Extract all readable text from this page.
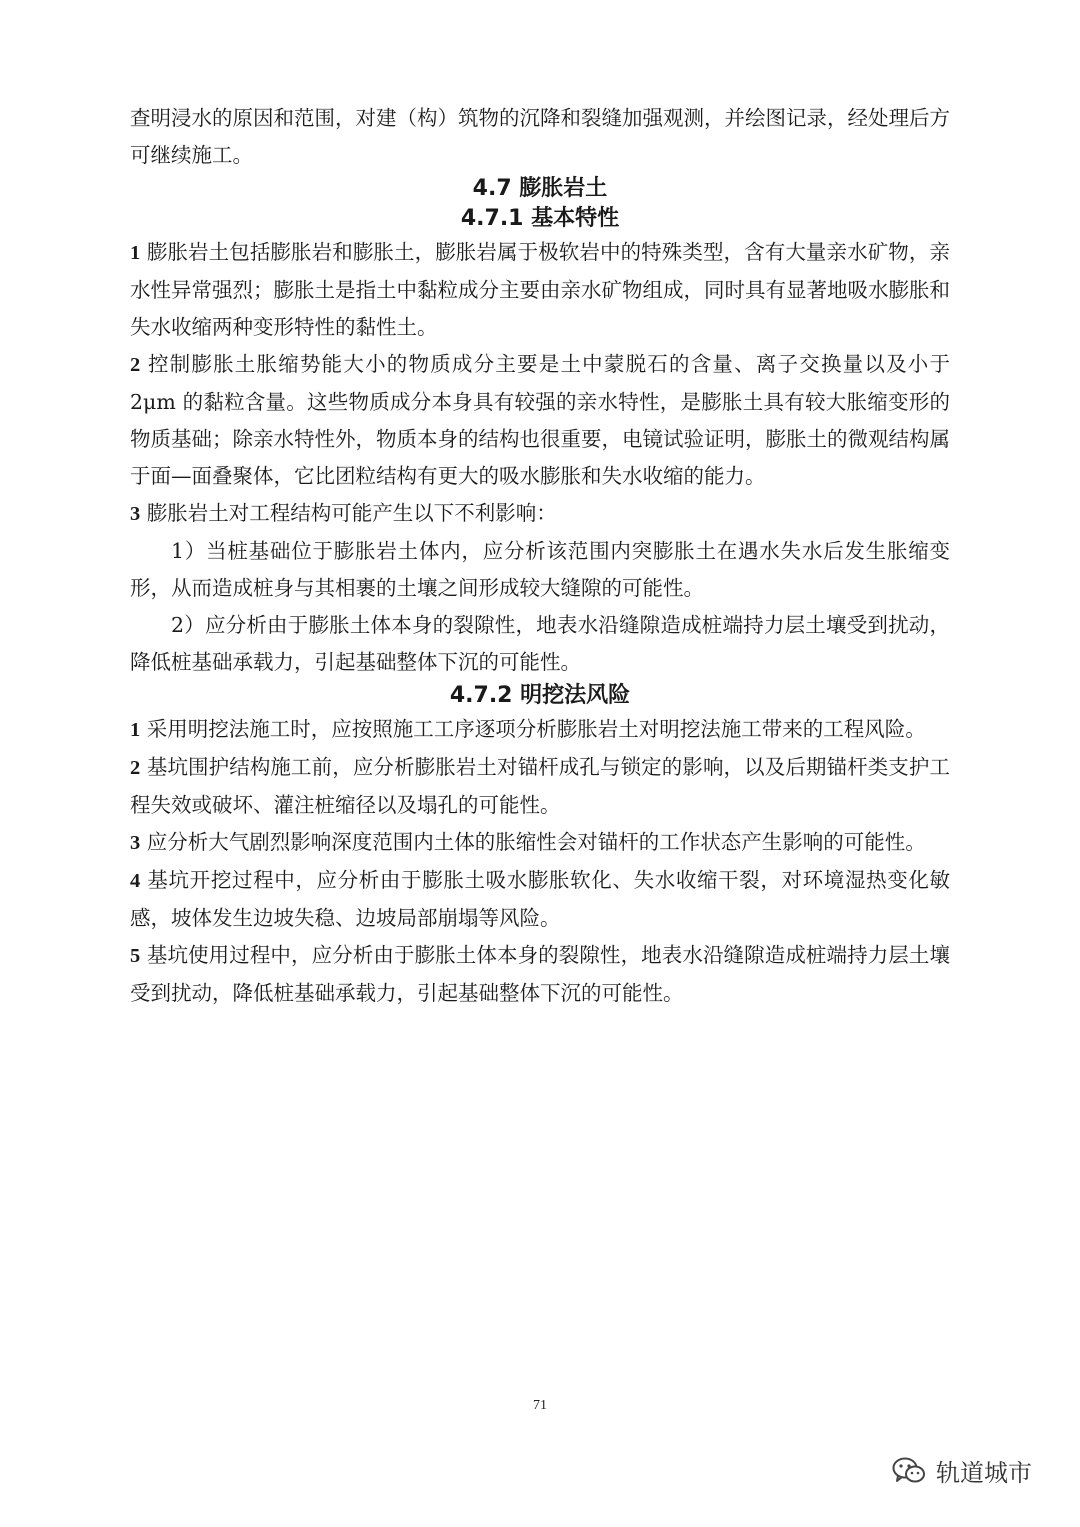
查明浸水的原因和范围，对建（构）筑物的沉降和裂缝加强观测，并绘图记录，经处理后方可继续施工。

4.7 膨胀岩土
4.7.1 基本特性

1 膨胀岩土包括膨胀岩和膨胀土，膨胀岩属于极软岩中的特殊类型，含有大量亲水矿物，亲水性异常强烈；膨胀土是指土中黏粒成分主要由亲水矿物组成，同时具有显著地吸水膨胀和失水收缩两种变形特性的黏性土。

2 控制膨胀土胀缩势能大小的物质成分主要是土中蒙脱石的含量、离子交换量以及小于2μm 的黏粒含量。这些物质成分本身具有较强的亲水特性，是膨胀土具有较大胀缩变形的物质基础；除亲水特性外，物质本身的结构也很重要，电镜试验证明，膨胀土的微观结构属于面—面叠聚体，它比团粒结构有更大的吸水膨胀和失水收缩的能力。

3 膨胀岩土对工程结构可能产生以下不利影响：

1）当桩基础位于膨胀岩土体内，应分析该范围内突膨胀土在遇水失水后发生胀缩变形，从而造成桩身与其相裹的土壤之间形成较大缝隙的可能性。

2）应分析由于膨胀土体本身的裂隙性，地表水沿缝隙造成桩端持力层土壤受到扰动，降低桩基础承载力，引起基础整体下沉的可能性。

4.7.2 明挖法风险

1 采用明挖法施工时，应按照施工工序逐项分析膨胀岩土对明挖法施工带来的工程风险。

2 基坑围护结构施工前，应分析膨胀岩土对锚杆成孔与锁定的影响，以及后期锚杆类支护工程失效或破坏、灌注桩缩径以及塌孔的可能性。

3 应分析大气剧烈影响深度范围内土体的胀缩性会对锚杆的工作状态产生影响的可能性。

4 基坑开挖过程中，应分析由于膨胀土吸水膨胀软化、失水收缩干裂，对环境湿热变化敏感，坡体发生边坡失稳、边坡局部崩塌等风险。

5 基坑使用过程中，应分析由于膨胀土体本身的裂隙性，地表水沿缝隙造成桩端持力层土壤受到扰动，降低桩基础承载力，引起基础整体下沉的可能性。

71
轨道城市
